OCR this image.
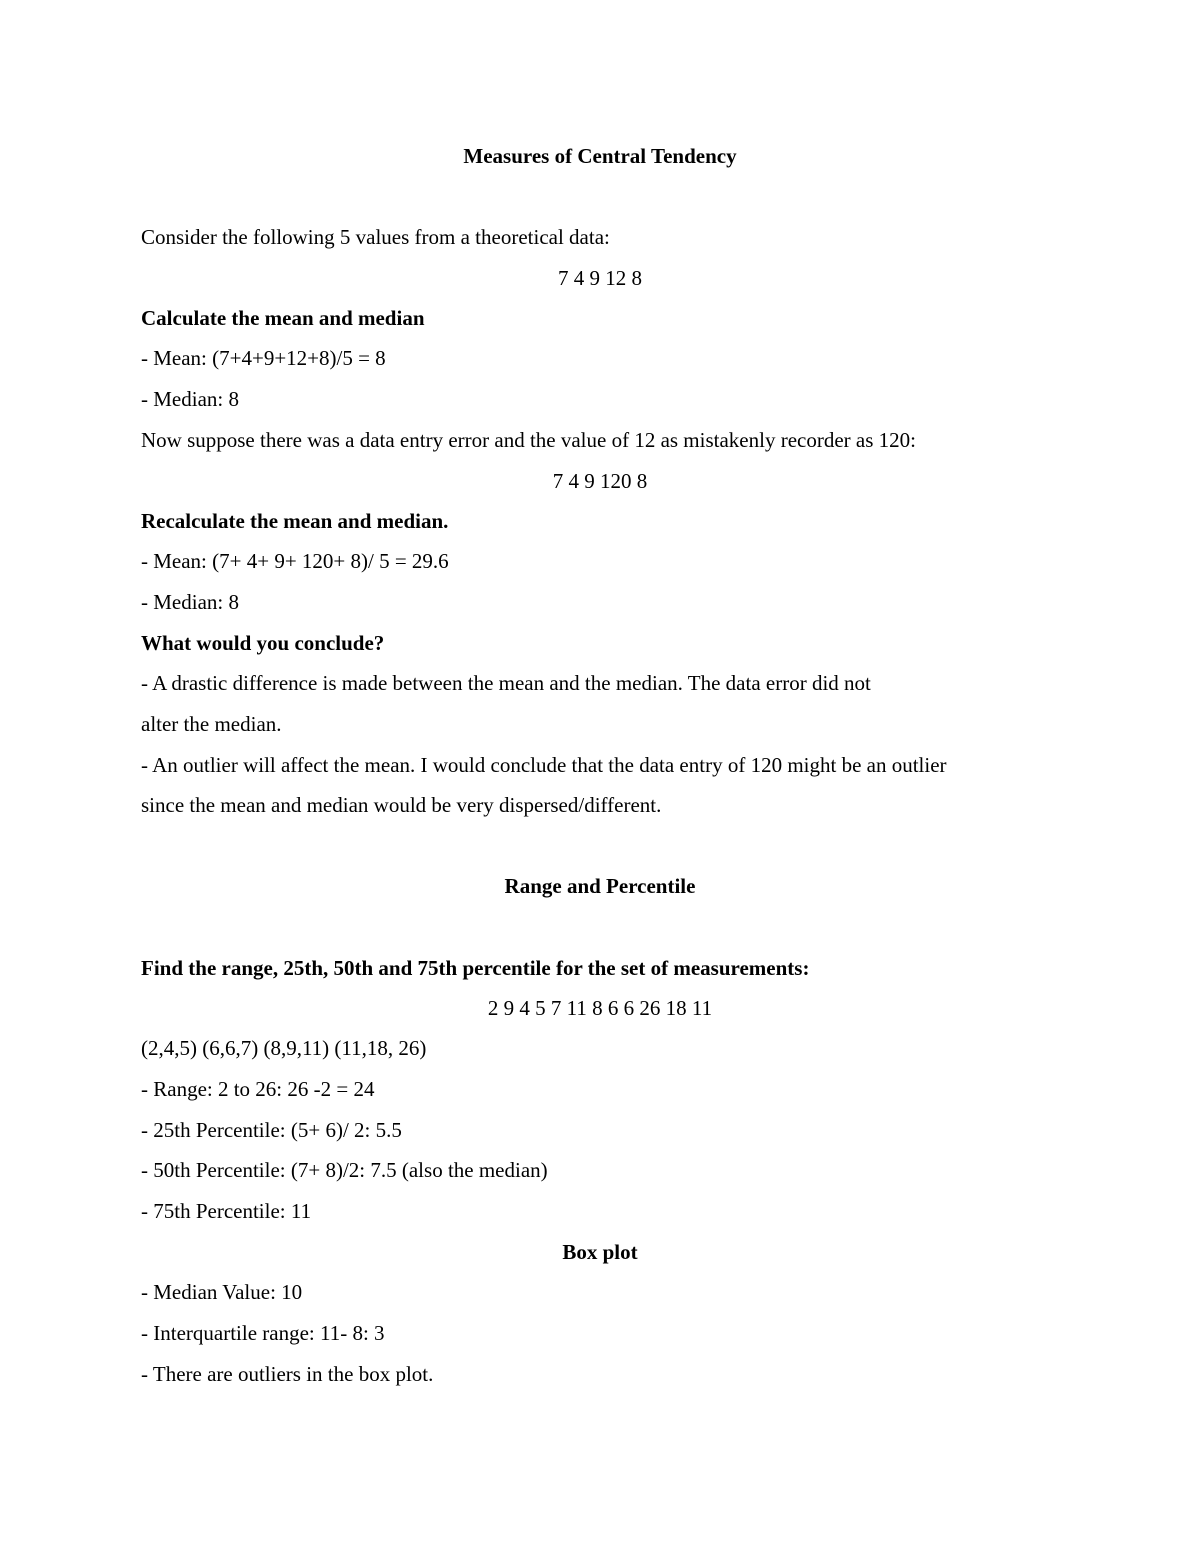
Measures of Central Tendency
Consider the following 5 values from a theoretical data:
7 4 9 12 8
Calculate the mean and median
- Mean: (7+4+9+12+8)/5 = 8
- Median: 8
Now suppose there was a data entry error and the value of 12 as mistakenly recorder as 120:
7 4 9 120 8
Recalculate the mean and median.
- Mean: (7+ 4+ 9+ 120+ 8)/ 5 = 29.6
- Median: 8
What would you conclude?
- A drastic difference is made between the mean and the median. The data error did not
alter the median.
- An outlier will affect the mean. I would conclude that the data entry of 120 might be an outlier
since the mean and median would be very dispersed/different.
Range and Percentile
Find the range, 25th, 50th and 75th percentile for the set of measurements:
2 9 4 5 7 11 8 6 6 26 18 11
(2,4,5) (6,6,7) (8,9,11) (11,18, 26)
- Range: 2 to 26: 26 -2 = 24
- 25th Percentile: (5+ 6)/ 2: 5.5
- 50th Percentile: (7+ 8)/2: 7.5 (also the median)
- 75th Percentile: 11
Box plot
- Median Value: 10
- Interquartile range: 11- 8: 3
- There are outliers in the box plot.
